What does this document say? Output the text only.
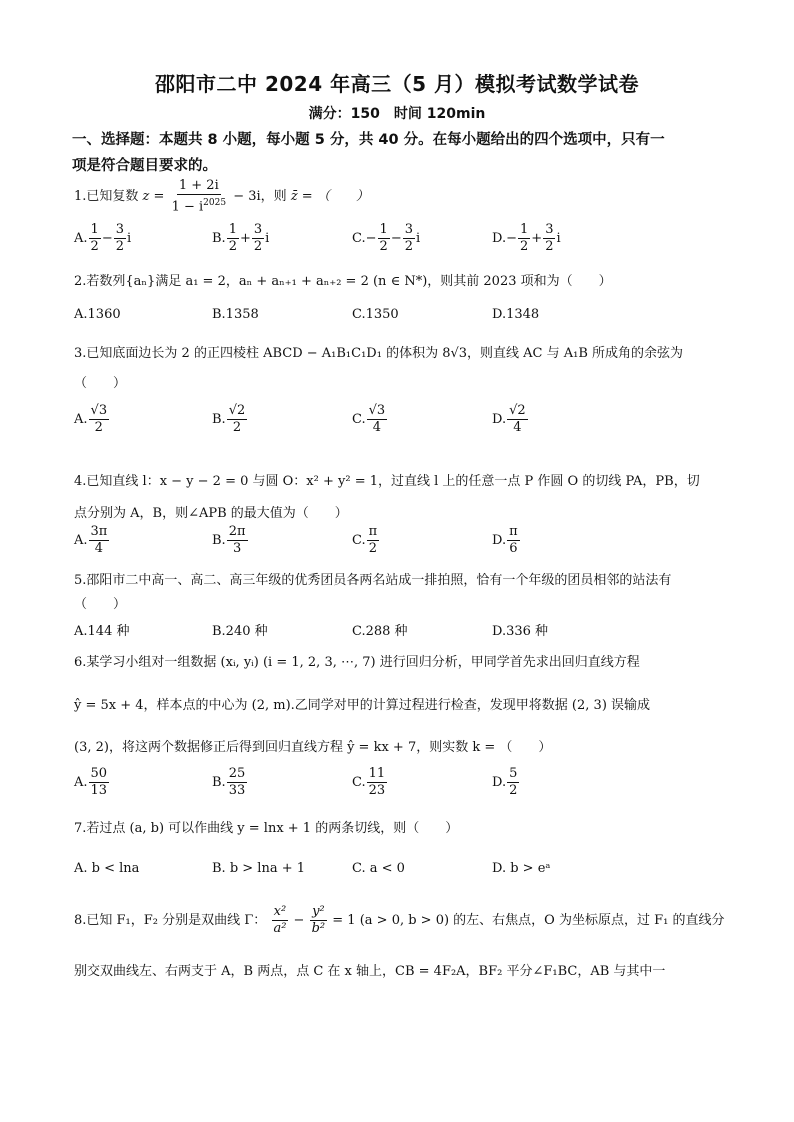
邵阳市二中 2024 年高三（5 月）模拟考试数学试卷
满分：150　时间 120min
一、选择题：本题共 8 小题，每小题 5 分，共 40 分。在每小题给出的四个选项中，只有一
项是符合题目要求的。
1.已知复数 $z = \frac{1 + 2i}{1 - i^{2025}} - 3i$，则 z̄ = （　　）
A. $\frac{1}{2} - \frac{3}{2}$ i	B. $\frac{1}{2} + \frac{3}{2}$ i	$C.- \frac{1}{2} - \frac{3}{2}$ i	$D.- \frac{1}{2} + \frac{3}{2}$ i
2.若数列{aₙ}满足 a₁ = 2，aₙ + aₙ₊₁ + aₙ₊₂ = 2 (n ∈ N*)，则其前 2023 项和为（　　）
A.1360	B.1358	C.1350	D.1348
3.已知底面边长为 2 的正四棱柱 ABCD − A₁B₁C₁D₁ 的体积为 8√3，则直线 AC 与 A₁B 所成角的余弦为
（　　）
A. $\frac{√3}{2}$	B. $\frac{√2}{2}$	C. $\frac{√3}{4}$	D. $\frac{√2}{4}$
4.已知直线 l：x − y − 2 = 0 与圆 O：x² + y² = 1，过直线 l 上的任意一点 P 作圆 O 的切线 PA，PB，切
点分别为 A，B，则∠APB 的最大值为（　　）
A. $\frac{3\pi}{4}$	B. $\frac{2\pi}{3}$	C. $\frac{\pi}{2}$	D. $\frac{\pi}{6}$
5.邵阳市二中高一、高二、高三年级的优秀团员各两名站成一排拍照，恰有一个年级的团员相邻的站法有
（　　）
A.144 种	B.240 种	C.288 种	D.336 种
6.某学习小组对一组数据 (xᵢ, yᵢ) (i = 1, 2, 3, ⋯, 7) 进行回归分析，甲同学首先求出回归直线方程
ŷ = 5x + 4，样本点的中心为 (2, m).乙同学对甲的计算过程进行检查，发现甲将数据 (2, 3) 误输成
(3, 2)，将这两个数据修正后得到回归直线方程 ŷ = kx + 7，则实数 k = （　　）
A. $\frac{50}{13}$	B. $\frac{25}{33}$	C. $\frac{11}{23}$	D. $\frac{5}{2}$
7.若过点 (a, b) 可以作曲线 y = lnx + 1 的两条切线，则（　　）
A. b < lna	B. b > lna + 1	C. a < 0	D. b > eᵃ
8.已知 F₁，F₂ 分别是双曲线 Γ： $\frac{\text{x²}}{\text{a²}} - \frac{\text{y²}}{\text{b²}} = 1$ (a > 0, b > 0) 的左、右焦点，O 为坐标原点，过 F₁ 的直线分
别交双曲线左、右两支于 A，B 两点，点 C 在 x 轴上，CB = 4F₂A，BF₂ 平分∠F₁BC，AB 与其中一
